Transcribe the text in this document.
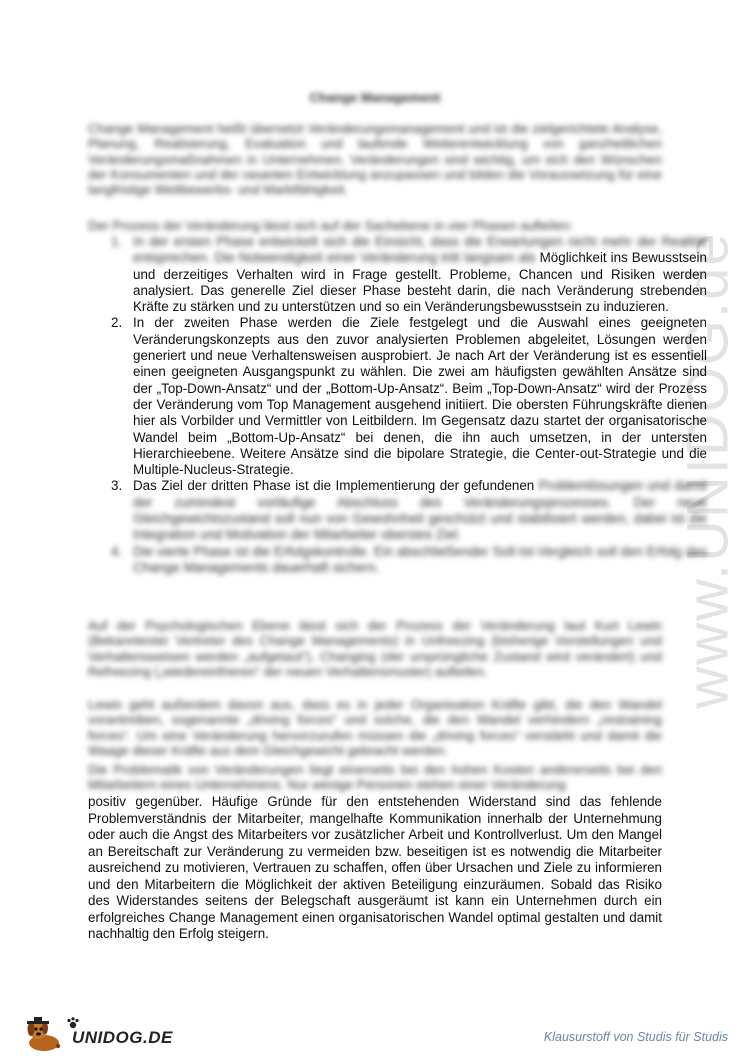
www.UNIDOG.de
Change Management
Change Management heißt übersetzt Veränderungsmanagement und ist die zielgerichtete Analyse, Planung, Realisierung, Evaluation und laufende Weiterentwicklung von ganzheitlichen Veränderungsmaßnahmen in Unternehmen. Veränderungen sind wichtig, um sich den Wünschen der Konsumenten und der rasanten Entwicklung anzupassen und bilden die Voraussetzung für eine langfristige Wettbewerbs- und Marktfähigkeit.
Der Prozess der Veränderung lässt sich auf der Sachebene in vier Phasen aufteilen:
1. In der ersten Phase entwickelt sich die Einsicht, dass die Erwartungen nicht mehr der Realität entsprechen. Die Notwendigkeit einer Veränderung tritt langsam als Möglichkeit ins Bewusstsein und derzeitiges Verhalten wird in Frage gestellt. Probleme, Chancen und Risiken werden analysiert. Das generelle Ziel dieser Phase besteht darin, die nach Veränderung strebenden Kräfte zu stärken und zu unterstützen und so ein Veränderungsbewusstsein zu induzieren.
2. In der zweiten Phase werden die Ziele festgelegt und die Auswahl eines geeigneten Veränderungskonzepts aus den zuvor analysierten Problemen abgeleitet, Lösungen werden generiert und neue Verhaltensweisen ausprobiert. Je nach Art der Veränderung ist es essentiell einen geeigneten Ausgangspunkt zu wählen. Die zwei am häufigsten gewählten Ansätze sind der „Top-Down-Ansatz“ und der „Bottom-Up-Ansatz“. Beim „Top-Down-Ansatz“ wird der Prozess der Veränderung vom Top Management ausgehend initiiert. Die obersten Führungskräfte dienen hier als Vorbilder und Vermittler von Leitbildern. Im Gegensatz dazu startet der organisatorische Wandel beim „Bottom-Up-Ansatz“ bei denen, die ihn auch umsetzen, in der untersten Hierarchieebene. Weitere Ansätze sind die bipolare Strategie, die Center-out-Strategie und die Multiple-Nucleus-Strategie.
3. Das Ziel der dritten Phase ist die Implementierung der gefundenen Problemlösungen und damit der zumindest vorläufige Abschluss des Veränderungsprozesses. Der neue Gleichgewichtszustand soll nun von Gewohnheit geschützt und stabilisiert werden, dabei ist die Integration und Motivation der Mitarbeiter oberstes Ziel.
4. Die vierte Phase ist die Erfolgskontrolle. Ein abschließender Soll-Ist-Vergleich soll den Erfolg des Change Managements dauerhaft sichern.
Auf der Psychologischen Ebene lässt sich der Prozess der Veränderung laut Kurt Lewin (Bekanntester Vertreter des Change Managements) in Unfreezing (bisherige Vorstellungen und Verhaltensweisen werden „aufgetaut“), Changing (der ursprüngliche Zustand wird verändert) und Refreezing („wiedereinfrieren“ der neuen Verhaltensmuster) aufteilen.
Lewin geht außerdem davon aus, dass es in jeder Organisation Kräfte gibt, die den Wandel vorantreiben, sogenannte „driving forces“ und solche, die den Wandel verhindern „restraining forces“. Um eine Veränderung hervorzurufen müssen die „driving forces“ verstärkt und damit die Waage dieser Kräfte aus dem Gleichgewicht gebracht werden.
Die Problematik von Veränderungen liegt einerseits bei den hohen Kosten andererseits bei den Mitarbeitern eines Unternehmens. Nur wenige Personen stehen einer Veränderung
positiv gegenüber. Häufige Gründe für den entstehenden Widerstand sind das fehlende Problemverständnis der Mitarbeiter, mangelhafte Kommunikation innerhalb der Unternehmung oder auch die Angst des Mitarbeiters vor zusätzlicher Arbeit und Kontrollverlust. Um den Mangel an Bereitschaft zur Veränderung zu vermeiden bzw. beseitigen ist es notwendig die Mitarbeiter ausreichend zu motivieren, Vertrauen zu schaffen, offen über Ursachen und Ziele zu informieren und den Mitarbeitern die Möglichkeit der aktiven Beteiligung einzuräumen. Sobald das Risiko des Widerstandes seitens der Belegschaft ausgeräumt ist kann ein Unternehmen durch ein erfolgreiches Change Management einen organisatorischen Wandel optimal gestalten und damit nachhaltig den Erfolg steigern.
UNIDOG.DE	Klausurstoff von Studis für Studis
